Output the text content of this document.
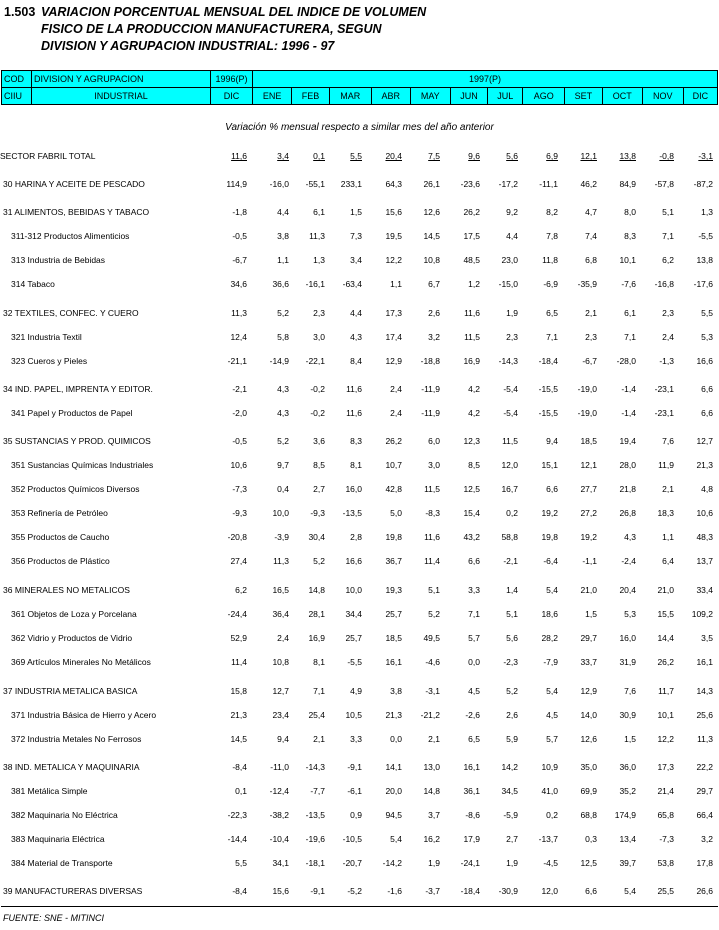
1.503 VARIACION PORCENTUAL MENSUAL DEL INDICE DE VOLUMEN
FISICO DE LA PRODUCCION MANUFACTURERA, SEGUN
DIVISION Y AGRUPACION INDUSTRIAL: 1996 - 97
COD	DIVISION Y AGRUPACION	1996(P)	1997(P)											
CIIU	INDUSTRIAL	DIC	ENE	FEB	MAR	ABR	MAY	JUN	JUL	AGO	SET	OCT	NOV	DIC
Variación % mensual respecto a similar mes del año anterior
SECTOR FABRIL TOTAL	11,6	3,4	0,1	5,5	20,4	7,5	9,6	5,6	6,9	12,1	13,8	-0,8	-3,1
30 HARINA Y ACEITE DE PESCADO	114,9	-16,0	-55,1	233,1	64,3	26,1	-23,6	-17,2	-11,1	46,2	84,9	-57,8	-87,2
31 ALIMENTOS, BEBIDAS Y TABACO	-1,8	4,4	6,1	1,5	15,6	12,6	26,2	9,2	8,2	4,7	8,0	5,1	1,3
311-312 Productos Alimenticios	-0,5	3,8	11,3	7,3	19,5	14,5	17,5	4,4	7,8	7,4	8,3	7,1	-5,5
313 Industria de Bebidas	-6,7	1,1	1,3	3,4	12,2	10,8	48,5	23,0	11,8	6,8	10,1	6,2	13,8
314 Tabaco	34,6	36,6	-16,1	-63,4	1,1	6,7	1,2	-15,0	-6,9	-35,9	-7,6	-16,8	-17,6
32 TEXTILES, CONFEC. Y CUERO	11,3	5,2	2,3	4,4	17,3	2,6	11,6	1,9	6,5	2,1	6,1	2,3	5,5
321 Industria Textil	12,4	5,8	3,0	4,3	17,4	3,2	11,5	2,3	7,1	2,3	7,1	2,4	5,3
323 Cueros y Pieles	-21,1	-14,9	-22,1	8,4	12,9	-18,8	16,9	-14,3	-18,4	-6,7	-28,0	-1,3	16,6
34 IND. PAPEL, IMPRENTA Y EDITOR.	-2,1	4,3	-0,2	11,6	2,4	-11,9	4,2	-5,4	-15,5	-19,0	-1,4	-23,1	6,6
341 Papel y Productos de Papel	-2,0	4,3	-0,2	11,6	2,4	-11,9	4,2	-5,4	-15,5	-19,0	-1,4	-23,1	6,6
35 SUSTANCIAS Y PROD. QUIMICOS	-0,5	5,2	3,6	8,3	26,2	6,0	12,3	11,5	9,4	18,5	19,4	7,6	12,7
351 Sustancias Químicas Industriales	10,6	9,7	8,5	8,1	10,7	3,0	8,5	12,0	15,1	12,1	28,0	11,9	21,3
352 Productos Químicos Diversos	-7,3	0,4	2,7	16,0	42,8	11,5	12,5	16,7	6,6	27,7	21,8	2,1	4,8
353 Refinería de Petróleo	-9,3	10,0	-9,3	-13,5	5,0	-8,3	15,4	0,2	19,2	27,2	26,8	18,3	10,6
355 Productos de Caucho	-20,8	-3,9	30,4	2,8	19,8	11,6	43,2	58,8	19,8	19,2	4,3	1,1	48,3
356 Productos de Plástico	27,4	11,3	5,2	16,6	36,7	11,4	6,6	-2,1	-6,4	-1,1	-2,4	6,4	13,7
36 MINERALES NO METALICOS	6,2	16,5	14,8	10,0	19,3	5,1	3,3	1,4	5,4	21,0	20,4	21,0	33,4
361 Objetos de Loza y Porcelana	-24,4	36,4	28,1	34,4	25,7	5,2	7,1	5,1	18,6	1,5	5,3	15,5	109,2
362 Vidrio y Productos de Vidrio	52,9	2,4	16,9	25,7	18,5	49,5	5,7	5,6	28,2	29,7	16,0	14,4	3,5
369 Artículos Minerales No Metálicos	11,4	10,8	8,1	-5,5	16,1	-4,6	0,0	-2,3	-7,9	33,7	31,9	26,2	16,1
37 INDUSTRIA METALICA BASICA	15,8	12,7	7,1	4,9	3,8	-3,1	4,5	5,2	5,4	12,9	7,6	11,7	14,3
371 Industria Básica de Hierro y Acero	21,3	23,4	25,4	10,5	21,3	-21,2	-2,6	2,6	4,5	14,0	30,9	10,1	25,6
372 Industria Metales No Ferrosos	14,5	9,4	2,1	3,3	0,0	2,1	6,5	5,9	5,7	12,6	1,5	12,2	11,3
38 IND. METALICA Y MAQUINARIA	-8,4	-11,0	-14,3	-9,1	14,1	13,0	16,1	14,2	10,9	35,0	36,0	17,3	22,2
381 Metálica Simple	0,1	-12,4	-7,7	-6,1	20,0	14,8	36,1	34,5	41,0	69,9	35,2	21,4	29,7
382 Maquinaria No Eléctrica	-22,3	-38,2	-13,5	0,9	94,5	3,7	-8,6	-5,9	0,2	68,8	174,9	65,8	66,4
383 Maquinaria Eléctrica	-14,4	-10,4	-19,6	-10,5	5,4	16,2	17,9	2,7	-13,7	0,3	13,4	-7,3	3,2
384 Material de Transporte	5,5	34,1	-18,1	-20,7	-14,2	1,9	-24,1	1,9	-4,5	12,5	39,7	53,8	17,8
39 MANUFACTURERAS DIVERSAS	-8,4	15,6	-9,1	-5,2	-1,6	-3,7	-18,4	-30,9	12,0	6,6	5,4	25,5	26,6
FUENTE: SNE - MITINCI
